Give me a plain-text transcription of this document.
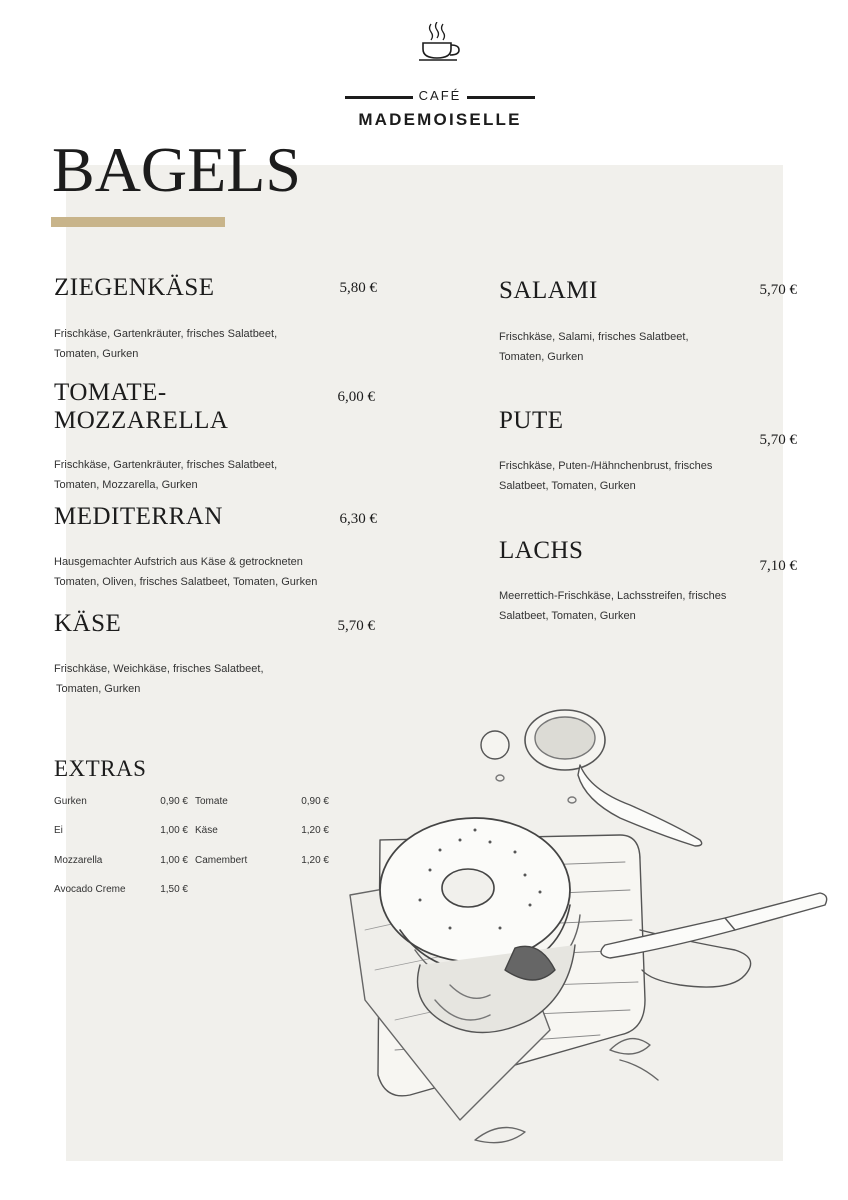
CAFÉ
MADEMOISELLE
BAGELS
ZIEGENKÄSE	5,80 €
Frischkäse, Gartenkräuter, frisches Salatbeet,
Tomaten, Gurken
TOMATE-
MOZZARELLA
6,00 €
Frischkäse, Gartenkräuter, frisches Salatbeet,
Tomaten, Mozzarella, Gurken
MEDITERRAN	6,30 €
Hausgemachter Aufstrich aus Käse & getrockneten
Tomaten, Oliven, frisches Salatbeet, Tomaten, Gurken
KÄSE	5,70 €
Frischkäse, Weichkäse, frisches Salatbeet,
Tomaten, Gurken
SALAMI	5,70 €
Frischkäse, Salami, frisches Salatbeet,
Tomaten, Gurken
PUTE
5,70 €
Frischkäse, Puten-/Hähnchenbrust, frisches
Salatbeet, Tomaten, Gurken
LACHS
7,10 €
Meerrettich-Frischkäse, Lachsstreifen, frisches
Salatbeet, Tomaten, Gurken
EXTRAS
Gurken	0,90 €
Ei	1,00 €
Mozzarella	1,00 €
Avocado Creme	1,50 €
Tomate	0,90 €
Käse	1,20 €
Camembert	1,20 €
